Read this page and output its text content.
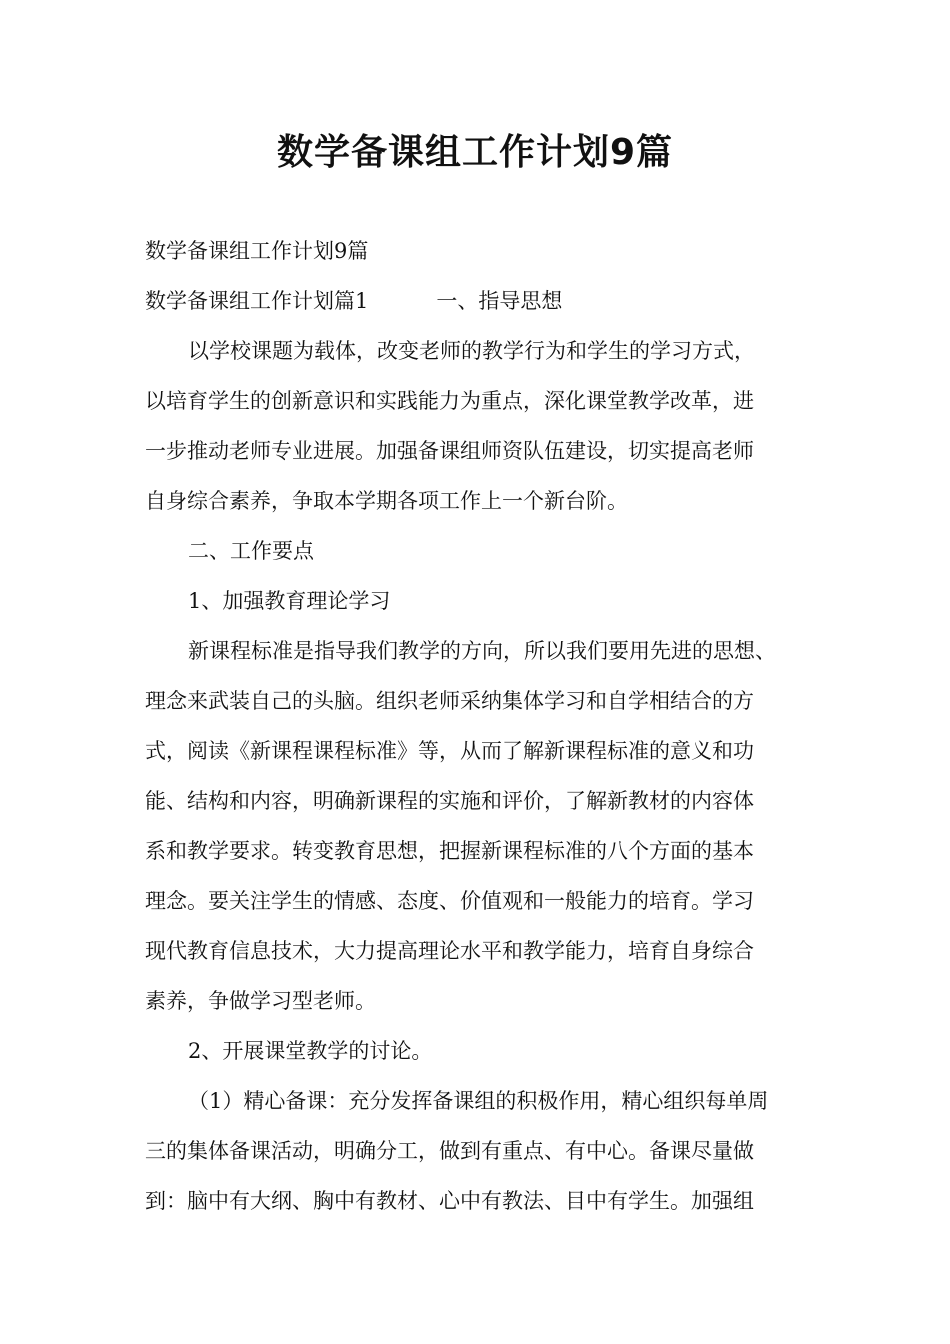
数学备课组工作计划9篇
数学备课组工作计划9篇
数学备课组工作计划篇1	一、指导思想
以学校课题为载体，改变老师的教学行为和学生的学习方式，
以培育学生的创新意识和实践能力为重点，深化课堂教学改革，进
一步推动老师专业进展。加强备课组师资队伍建设，切实提高老师
自身综合素养，争取本学期各项工作上一个新台阶。
二、工作要点
1、加强教育理论学习
新课程标准是指导我们教学的方向，所以我们要用先进的思想、
理念来武装自己的头脑。组织老师采纳集体学习和自学相结合的方
式，阅读《新课程课程标准》等，从而了解新课程标准的意义和功
能、结构和内容，明确新课程的实施和评价，了解新教材的内容体
系和教学要求。转变教育思想，把握新课程标准的八个方面的基本
理念。要关注学生的情感、态度、价值观和一般能力的培育。学习
现代教育信息技术，大力提高理论水平和教学能力，培育自身综合
素养，争做学习型老师。
2、开展课堂教学的讨论。
（1）精心备课：充分发挥备课组的积极作用，精心组织每单周
三的集体备课活动，明确分工，做到有重点、有中心。备课尽量做
到：脑中有大纲、胸中有教材、心中有教法、目中有学生。加强组
